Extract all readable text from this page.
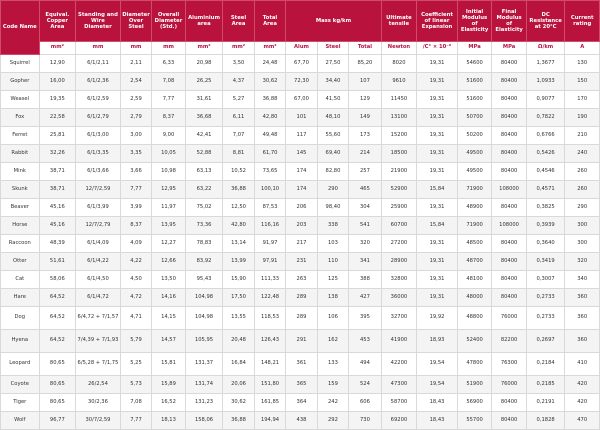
Code Name	Equival. Copper Area	Standing and Wire Diameter	Diameter Over Steel	Overall Diameter (Std.)	Aluminium area	Steel Area	Total Area	Mass kg/km			Ultimate tensile	Coefficient of linear Expansion	Initial Modulus of Elasticity	Final Modulus of Elasticity	DC Resistance at 20°C	Current rating
	mm²	mm	mm	mm	mm²	mm²	mm²	Alum	Steel	Total	Newton	/C° × 10⁻⁶	MPa	MPa	Ω/km	A
Squirrel	12,90	6/1/2,11	2,11	6,33	20,98	3,50	24,48	67,70	27,50	85,20	8020	19,31	54600	80400	1,3677	130
Gopher	16,00	6/1/2,36	2,54	7,08	26,25	4,37	30,62	72,30	34,40	107	9610	19,31	51600	80400	1,0933	150
Weasel	19,35	6/1/2,59	2,59	7,77	31,61	5,27	36,88	67,00	41,50	129	11450	19,31	51600	80400	0,9077	170
Fox	22,58	6/1/2,79	2,79	8,37	36,68	6,11	42,80	101	48,10	149	13100	19,31	50700	80400	0,7822	190
Ferret	25,81	6/1/3,00	3,00	9,00	42,41	7,07	49,48	117	55,60	173	15200	19,31	50200	80400	0,6766	210
Rabbit	32,26	6/1/3,35	3,35	10,05	52,88	8,81	61,70	145	69,40	214	18500	19,31	49500	80400	0,5426	240
Mink	38,71	6/1/3,66	3,66	10,98	63,13	10,52	73,65	174	82,80	257	21900	19,31	49500	80400	0,4546	260
Skunk	38,71	12/7/2,59	7,77	12,95	63,22	36,88	100,10	174	290	465	52900	15,84	71900	108000	0,4571	260
Beaver	45,16	6/1/3,99	3,99	11,97	75,02	12,50	87,53	206	98,40	304	25900	19,31	48900	80400	0,3825	290
Horse	45,16	12/7/2,79	8,37	13,95	73,36	42,80	116,16	203	338	541	60700	15,84	71900	108000	0,3939	300
Raccoon	48,39	6/1/4,09	4,09	12,27	78,83	13,14	91,97	217	103	320	27200	19,31	48500	80400	0,3640	300
Otter	51,61	6/1/4,22	4,22	12,66	83,92	13,99	97,91	231	110	341	28900	19,31	48700	80400	0,3419	320
Cat	58,06	6/1/4,50	4,50	13,50	95,43	15,90	111,33	263	125	388	32800	19,31	48100	80400	0,3007	340
Hare	64,52	6/1/4,72	4,72	14,16	104,98	17,50	122,48	289	138	427	36000	19,31	48000	80400	0,2733	360
Dog	64,52	6/4,72 + 7/1,57	4,71	14,15	104,98	13,55	118,53	289	106	395	32700	19,92	48800	76000	0,2733	360
Hyena	64,52	7/4,39 + 7/1,93	5,79	14,57	105,95	20,48	126,43	291	162	453	41900	18,93	52400	82200	0,2697	360
Leopard	80,65	6/5,28 + 7/1,75	5,25	15,81	131,37	16,84	148,21	361	133	494	42200	19,54	47800	76300	0,2184	410
Coyote	80,65	26/2,54	5,73	15,89	131,74	20,06	151,80	365	159	524	47300	19,54	51900	76000	0,2185	420
Tiger	80,65	30/2,36	7,08	16,52	131,23	30,62	161,85	364	242	606	58700	18,43	56900	80400	0,2191	420
Wolf	96,77	30/7/2,59	7,77	18,13	158,06	36,88	194,94	438	292	730	69200	18,43	55700	80400	0,1828	470
